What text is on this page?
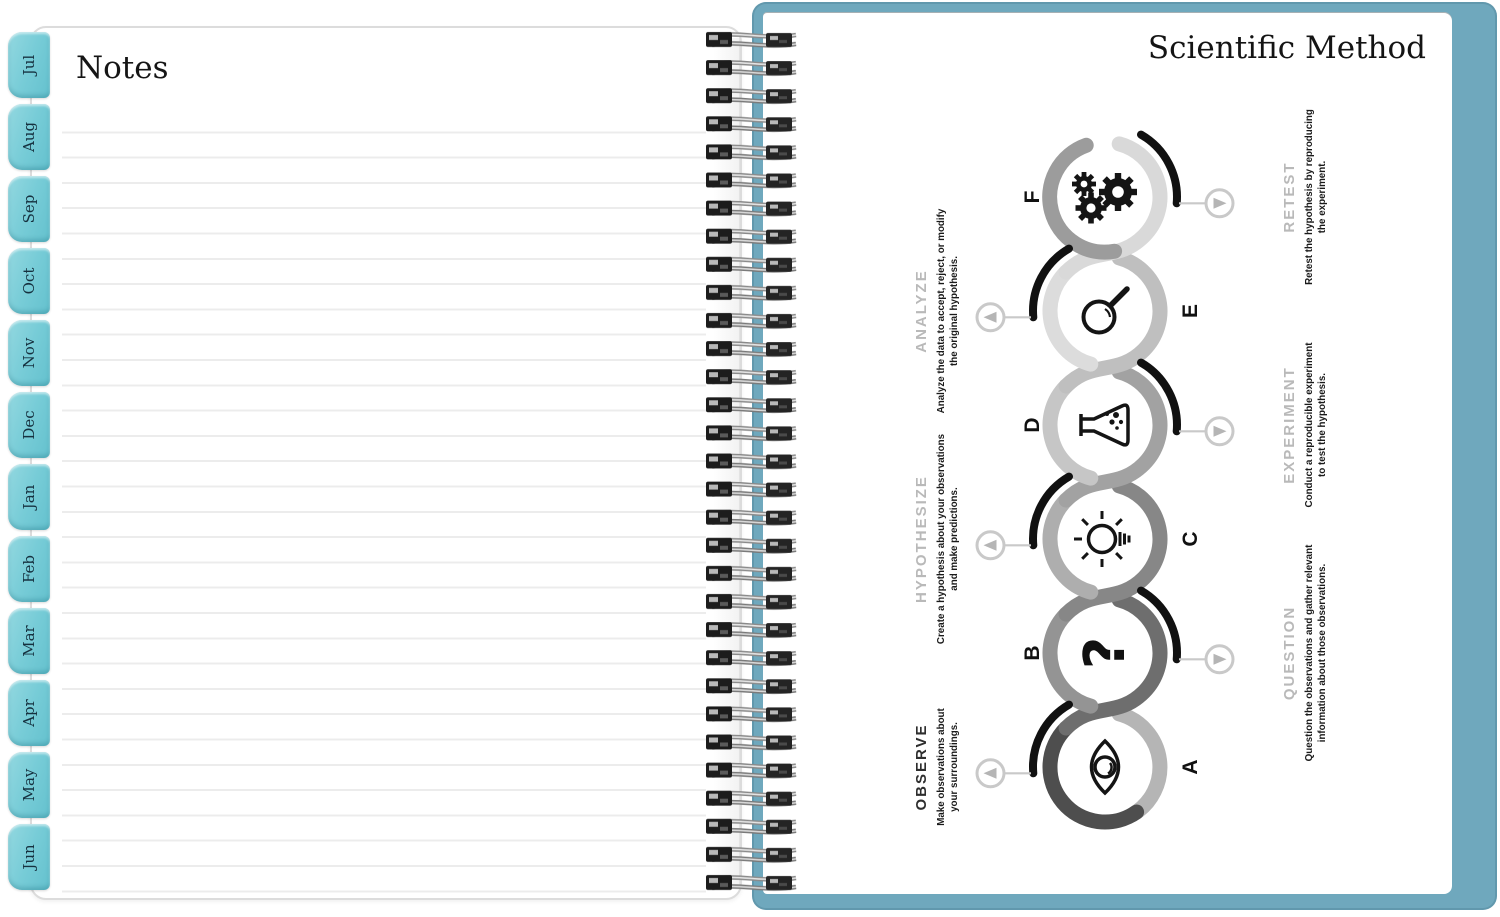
Scientific Method
?
A
B
C
D
E
F
OBSERVE Make observations about your surroundings.
HYPOTHESIZE Create a hypothesis about your observations and make predictions.
ANALYZE Analyze the data to accept, reject, or modify the original hypothesis.
QUESTION Question the observations and gather relevant information about those observations.
EXPERIMENT Conduct a reproducible experiment to test the hypothesis.
RETEST Retest the hypothesis by reproducing the experiment.
Notes
Jul
Aug
Sep
Oct
Nov
Dec
Jan
Feb
Mar
Apr
May
Jun
